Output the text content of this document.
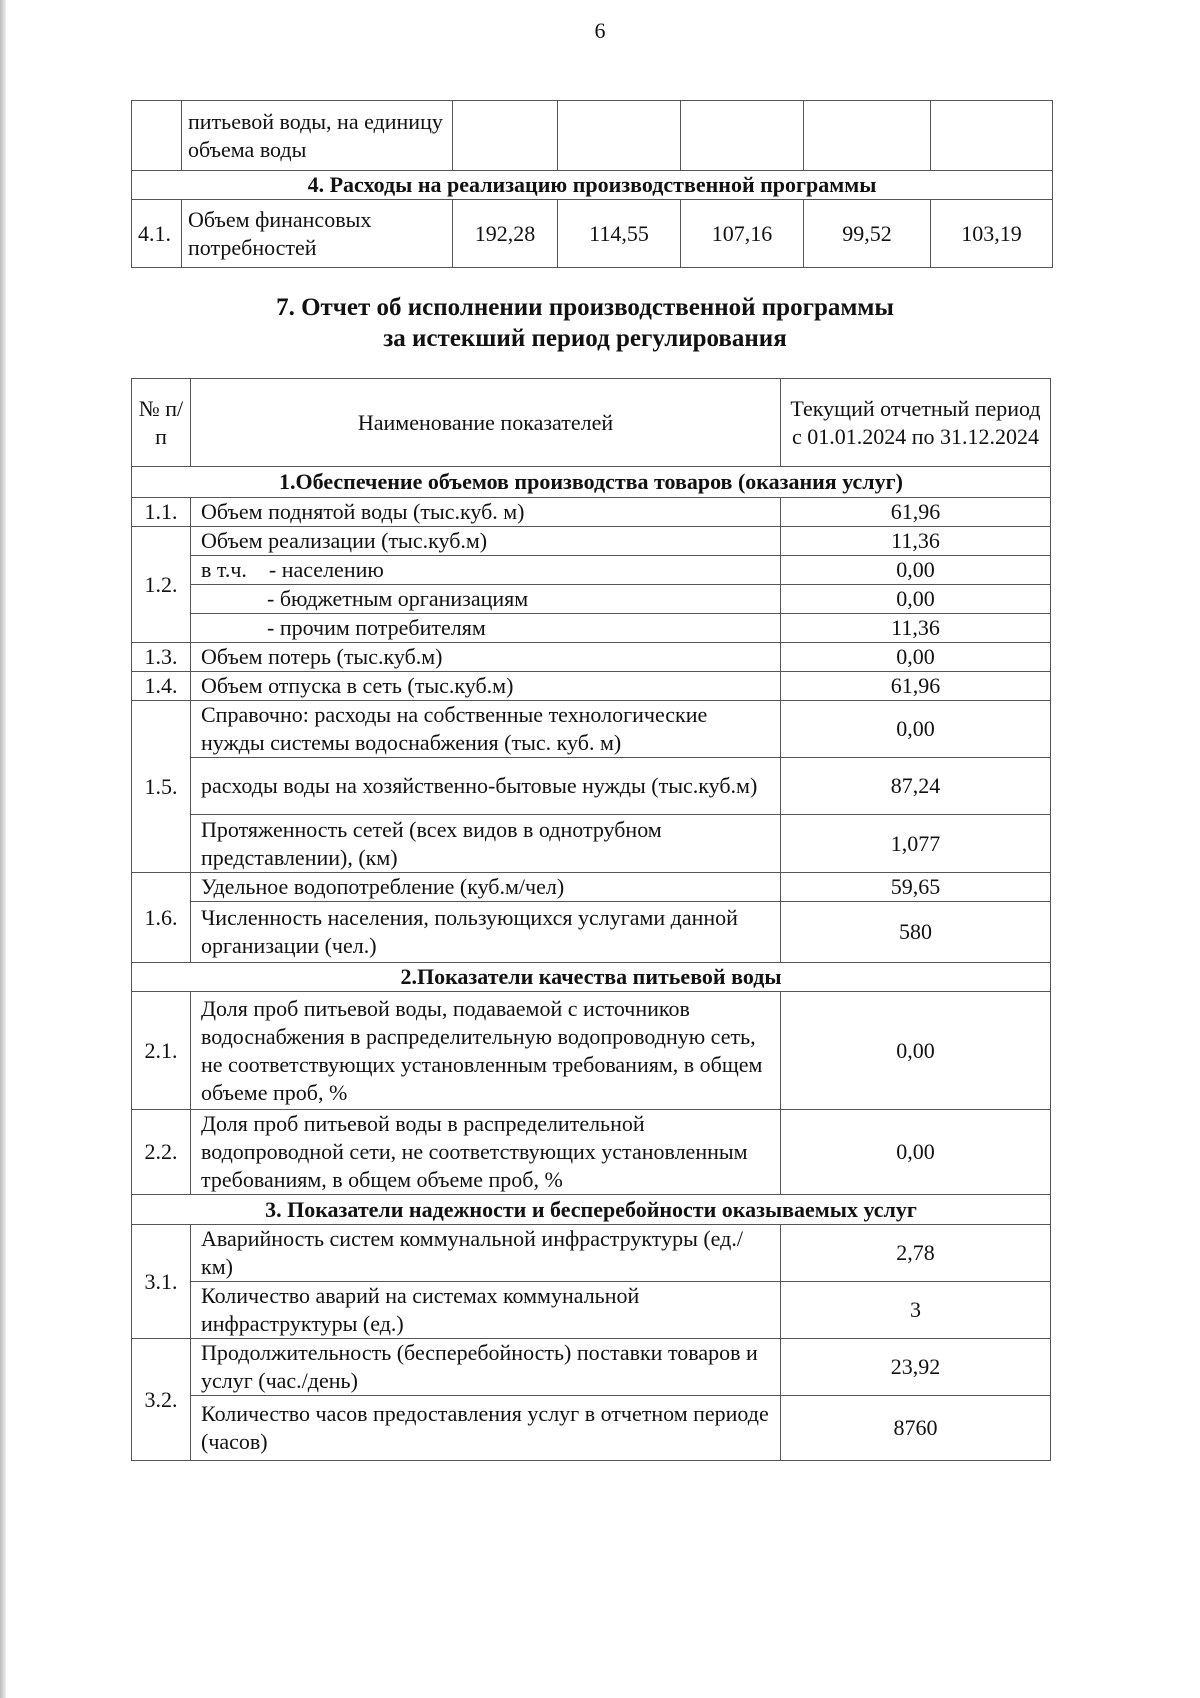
6
	питьевой воды, на единицу объема воды					
4. Расходы на реализацию производственной программы						
4.1.	Объем финансовых потребностей	192,28	114,55	107,16	99,52	103,19
7. Отчет об исполнении производственной программы
за истекший период регулирования
№ п/п	Наименование показателей	Текущий отчетный период с 01.01.2024 по 31.12.2024
1.Обеспечение объемов производства товаров (оказания услуг)		
1.1.	Объем поднятой воды (тыс.куб. м)	61,96
1.2.	Объем реализации (тыс.куб.м)	11,36
	в т.ч.    - населению	0,00
	- бюджетным организациям	0,00
	- прочим потребителям	11,36
1.3.	Объем потерь (тыс.куб.м)	0,00
1.4.	Объем отпуска в сеть (тыс.куб.м)	61,96
1.5.	Справочно: расходы на собственные технологические нужды системы водоснабжения (тыс. куб. м)	0,00
	расходы воды на хозяйственно-бытовые нужды (тыс.куб.м)	87,24
	Протяженность сетей (всех видов в однотрубном представлении), (км)	1,077
1.6.	Удельное водопотребление (куб.м/чел)	59,65
	Численность населения, пользующихся услугами данной организации (чел.)	580
2.Показатели качества питьевой воды		
2.1.	Доля проб питьевой воды, подаваемой с источников водоснабжения в распределительную водопроводную сеть, не соответствующих установленным требованиям, в общем объеме проб, %	0,00
2.2.	Доля проб питьевой воды в распределительной водопроводной сети, не соответствующих установленным требованиям, в общем объеме проб, %	0,00
3. Показатели надежности и бесперебойности оказываемых услуг		
3.1.	Аварийность систем коммунальной инфраструктуры (ед./км)	2,78
	Количество аварий на системах коммунальной инфраструктуры (ед.)	3
3.2.	Продолжительность (бесперебойность) поставки товаров и услуг (час./день)	23,92
	Количество часов предоставления услуг в отчетном периоде (часов)	8760
